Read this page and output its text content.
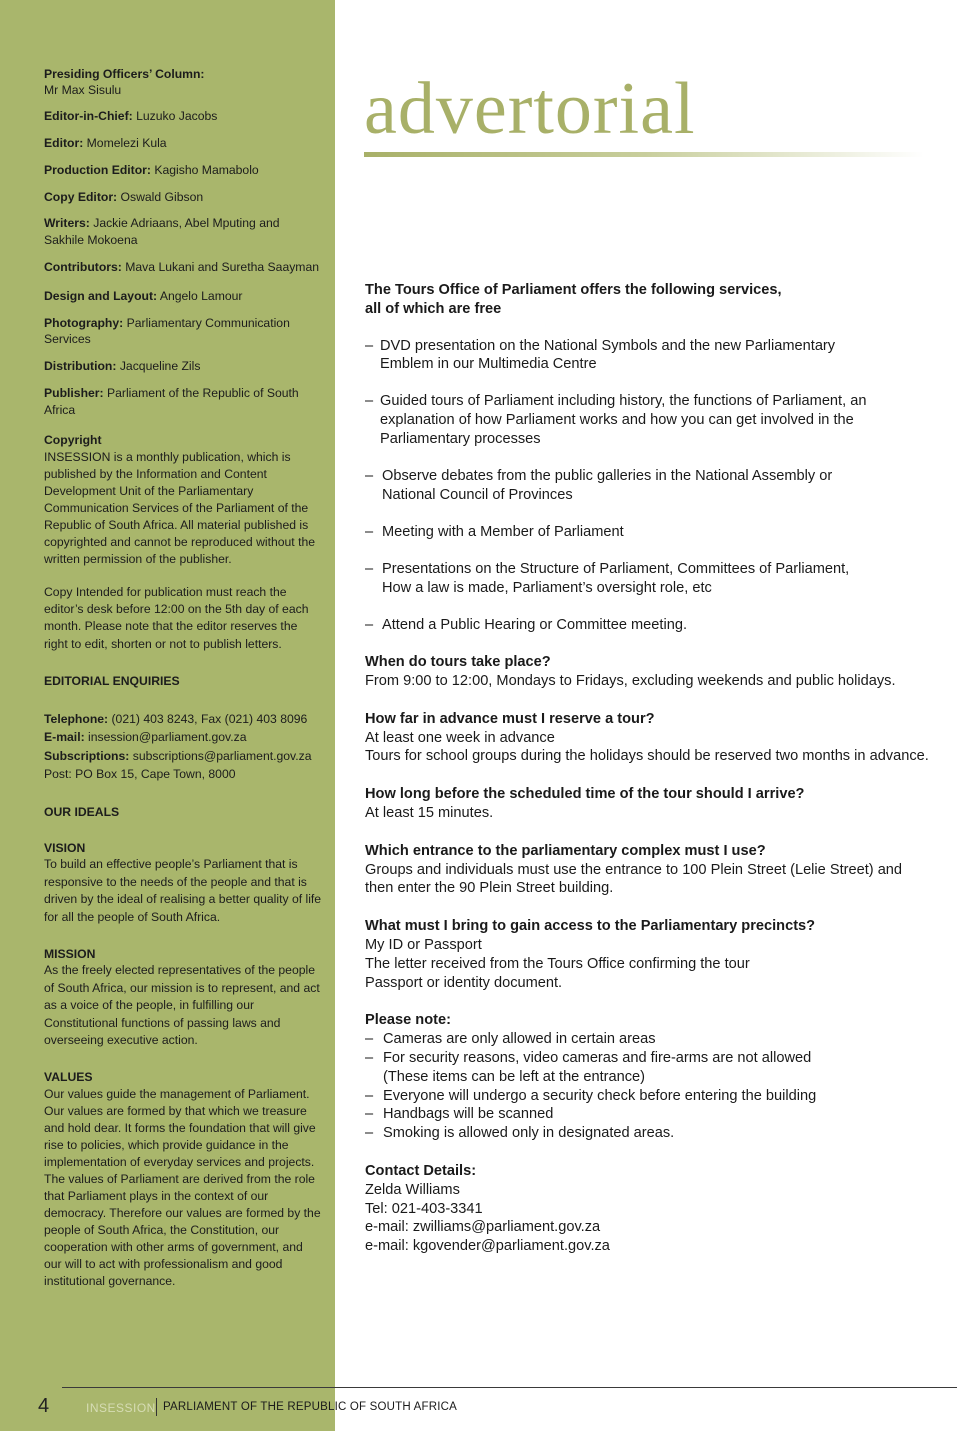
Presiding Officers’ Column:
Mr Max Sisulu

Editor-in-Chief: Luzuko Jacobs

Editor: Momelezi Kula

Production Editor: Kagisho Mamabolo

Copy Editor: Oswald Gibson

Writers: Jackie Adriaans, Abel Mputing and Sakhile Mokoena

Contributors: Mava Lukani and Suretha Saayman

Design and Layout: Angelo Lamour

Photography: Parliamentary Communication Services

Distribution: Jacqueline Zils

Publisher: Parliament of the Republic of South Africa

Copyright

INSESSION is a monthly publication, which is published by the Information and Content Development Unit of the Parliamentary Communication Services of the Parliament of the Republic of South Africa. All material published is copyrighted and cannot be reproduced without the written permission of the publisher.

Copy Intended for publication must reach the editor’s desk before 12:00 on the 5th day of each month. Please note that the editor reserves the right to edit, shorten or not to publish letters.

EDITORIAL ENQUIRIES

Telephone: (021) 403 8243, Fax (021) 403 8096

E-mail: insession@parliament.gov.za

Subscriptions: subscriptions@parliament.gov.za

Post: PO Box 15, Cape Town, 8000

OUR IDEALS

VISION

To build an effective people’s Parliament that is responsive to the needs of the people and that is driven by the ideal of realising a better quality of life for all the people of South Africa.

MISSION

As the freely elected representatives of the people of South Africa, our mission is to represent, and act as a voice of the people, in fulfilling our Constitutional functions of passing laws and overseeing executive action.

VALUES

Our values guide the management of Parliament. Our values are formed by that which we treasure and hold dear. It forms the foundation that will give rise to policies, which provide guidance in the implementation of everyday services and projects. The values of Parliament are derived from the role that Parliament plays in the context of our democracy. Therefore our values are formed by the people of South Africa, the Constitution, our cooperation with other arms of government, and our will to act with professionalism and good institutional governance.

advertorial

The Tours Office of Parliament offers the following services, all of which are free

– DVD presentation on the National Symbols and the new Parliamentary Emblem in our Multimedia Centre
– Guided tours of Parliament including history, the functions of Parliament, an explanation of how Parliament works and how you can get involved in the Parliamentary processes
– Observe debates from the public galleries in the National Assembly or National Council of Provinces
– Meeting with a Member of Parliament
– Presentations on the Structure of Parliament, Committees of Parliament, How a law is made, Parliament’s oversight role, etc
– Attend a Public Hearing or Committee meeting.

When do tours take place?

From 9:00 to 12:00, Mondays to Fridays, excluding weekends and public holidays.

How far in advance must I reserve a tour?

At least one week in advance

Tours for school groups during the holidays should be reserved two months in advance.

How long before the scheduled time of the tour should I arrive?

At least 15 minutes.

Which entrance to the parliamentary complex must I use?

Groups and individuals must use the entrance to 100 Plein Street (Lelie Street) and then enter the 90 Plein Street building.

What must I bring to gain access to the Parliamentary precincts?

My ID or Passport

The letter received from the Tours Office confirming the tour

Passport or identity document.

Please note:

– Cameras are only allowed in certain areas
– For security reasons, video cameras and fire-arms are not allowed (These items can be left at the entrance)
– Everyone will undergo a security check before entering the building
– Handbags will be scanned
– Smoking is allowed only in designated areas.

Contact Details:

Zelda Williams

Tel: 021-403-3341

e-mail: zwilliams@parliament.gov.za

e-mail: kgovender@parliament.gov.za

4	INSESSION PARLIAMENT OF THE REPUBLIC OF SOUTH AFRICA
